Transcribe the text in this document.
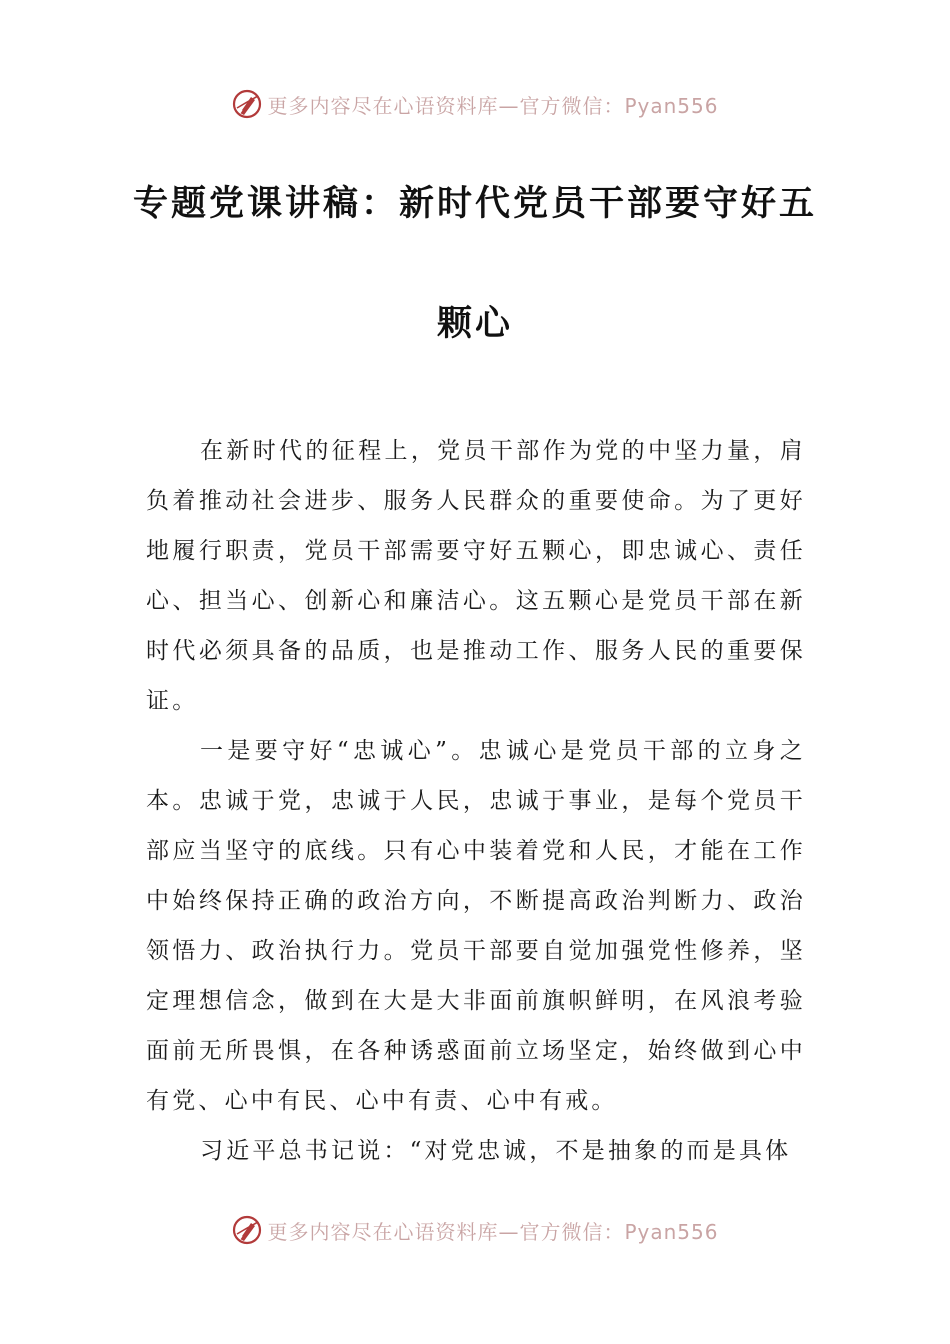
更多内容尽在心语资料库—官方微信：Pyan556
专题党课讲稿：新时代党员干部要守好五
颗心

在新时代的征程上，党员干部作为党的中坚力量，肩负着推动社会进步、服务人民群众的重要使命。为了更好地履行职责，党员干部需要守好五颗心，即忠诚心、责任心、担当心、创新心和廉洁心。这五颗心是党员干部在新时代必须具备的品质，也是推动工作、服务人民的重要保证。

一是要守好“忠诚心”。忠诚心是党员干部的立身之本。忠诚于党，忠诚于人民，忠诚于事业，是每个党员干部应当坚守的底线。只有心中装着党和人民，才能在工作中始终保持正确的政治方向，不断提高政治判断力、政治领悟力、政治执行力。党员干部要自觉加强党性修养，坚定理想信念，做到在大是大非面前旗帜鲜明，在风浪考验面前无所畏惧，在各种诱惑面前立场坚定，始终做到心中有党、心中有民、心中有责、心中有戒。

习近平总书记说：“对党忠诚，不是抽象的而是具体

更多内容尽在心语资料库—官方微信：Pyan556
